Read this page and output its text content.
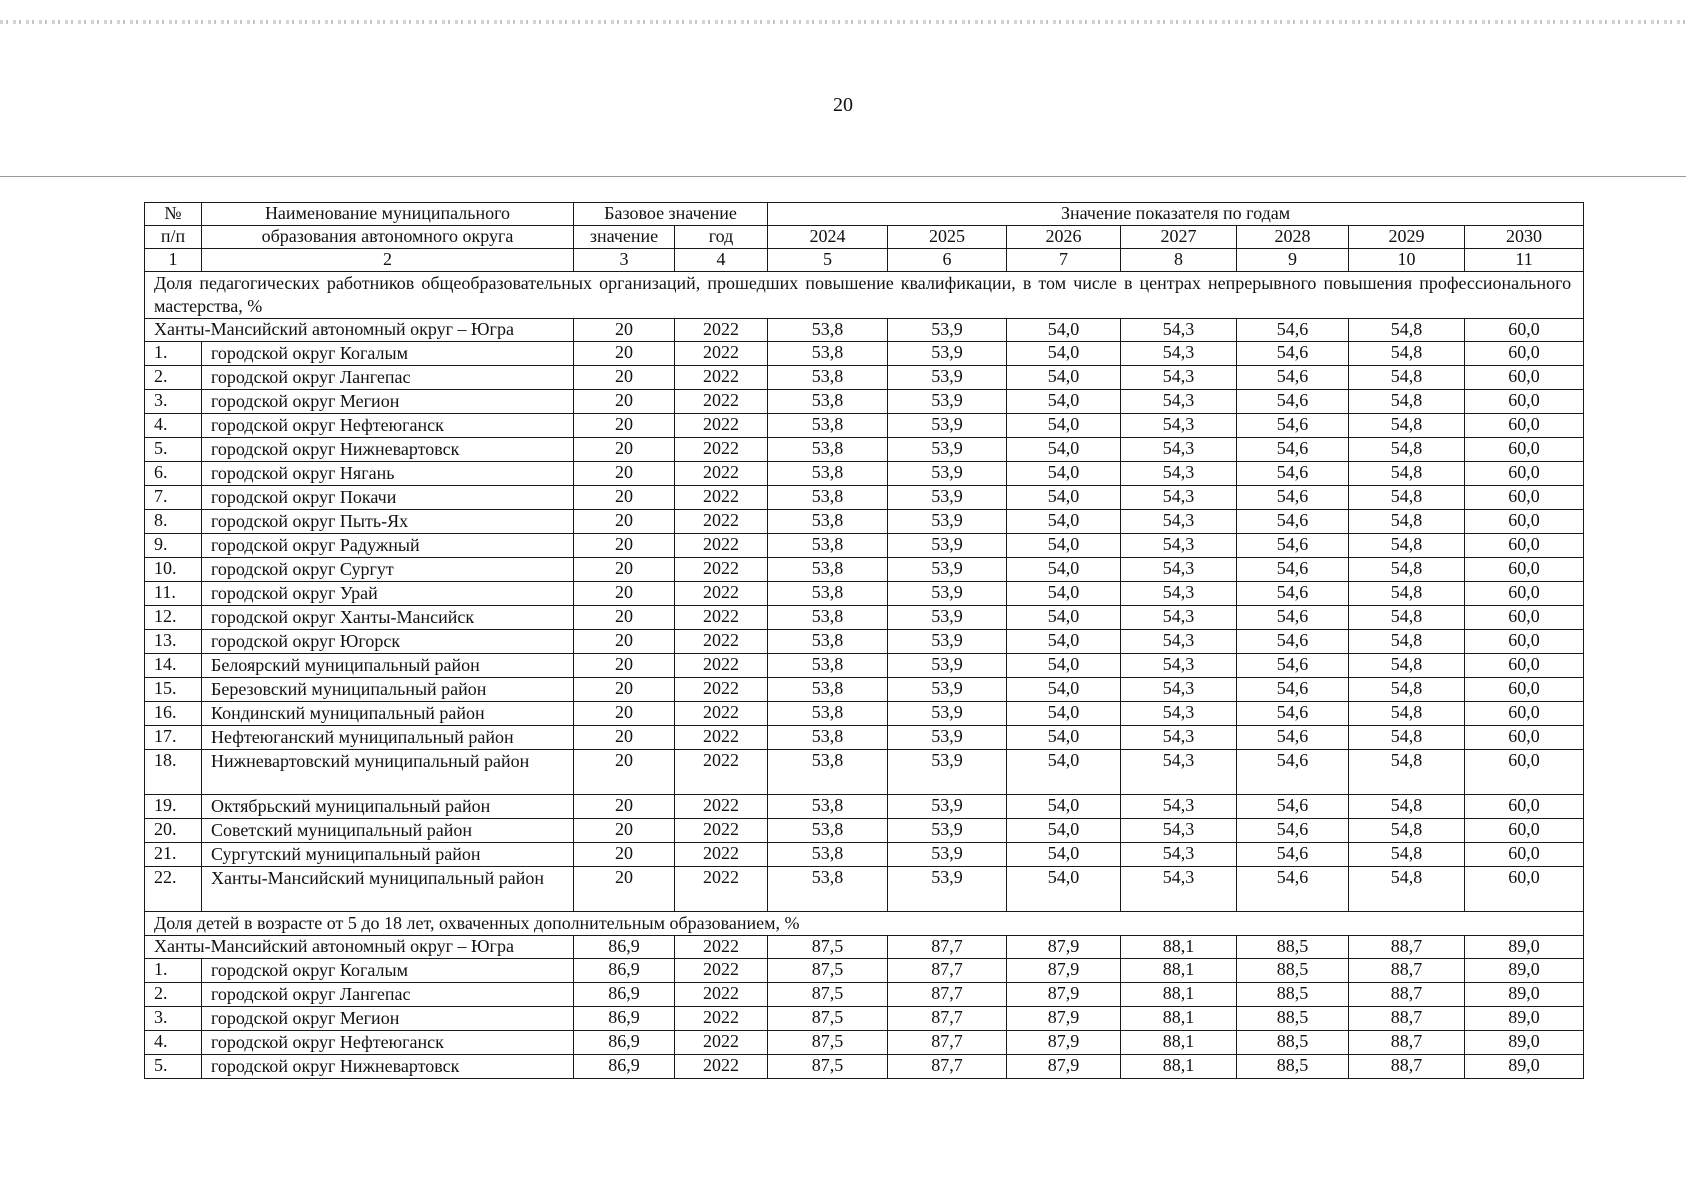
20
№	Наименование муниципального	Базовое значение		Значение показателя по годам						
п/п	образования автономного округа	значение	год	2024	2025	2026	2027	2028	2029	2030
1	2	3	4	5	6	7	8	9	10	11
Доля педагогических работников общеобразовательных организаций, прошедших повышение квалификации, в том числе в центрах непрерывного повышения профессионального мастерства, %										
Ханты-Мансийский автономный округ – Югра		20	2022	53,8	53,9	54,0	54,3	54,6	54,8	60,0
1.	городской округ Когалым	20	2022	53,8	53,9	54,0	54,3	54,6	54,8	60,0
2.	городской округ Лангепас	20	2022	53,8	53,9	54,0	54,3	54,6	54,8	60,0
3.	городской округ Мегион	20	2022	53,8	53,9	54,0	54,3	54,6	54,8	60,0
4.	городской округ Нефтеюганск	20	2022	53,8	53,9	54,0	54,3	54,6	54,8	60,0
5.	городской округ Нижневартовск	20	2022	53,8	53,9	54,0	54,3	54,6	54,8	60,0
6.	городской округ Нягань	20	2022	53,8	53,9	54,0	54,3	54,6	54,8	60,0
7.	городской округ Покачи	20	2022	53,8	53,9	54,0	54,3	54,6	54,8	60,0
8.	городской округ Пыть-Ях	20	2022	53,8	53,9	54,0	54,3	54,6	54,8	60,0
9.	городской округ Радужный	20	2022	53,8	53,9	54,0	54,3	54,6	54,8	60,0
10.	городской округ Сургут	20	2022	53,8	53,9	54,0	54,3	54,6	54,8	60,0
11.	городской округ Урай	20	2022	53,8	53,9	54,0	54,3	54,6	54,8	60,0
12.	городской округ Ханты-Мансийск	20	2022	53,8	53,9	54,0	54,3	54,6	54,8	60,0
13.	городской округ Югорск	20	2022	53,8	53,9	54,0	54,3	54,6	54,8	60,0
14.	Белоярский муниципальный район	20	2022	53,8	53,9	54,0	54,3	54,6	54,8	60,0
15.	Березовский муниципальный район	20	2022	53,8	53,9	54,0	54,3	54,6	54,8	60,0
16.	Кондинский муниципальный район	20	2022	53,8	53,9	54,0	54,3	54,6	54,8	60,0
17.	Нефтеюганский муниципальный район	20	2022	53,8	53,9	54,0	54,3	54,6	54,8	60,0
18.	Нижневартовский муниципальный район	20	2022	53,8	53,9	54,0	54,3	54,6	54,8	60,0
19.	Октябрьский муниципальный район	20	2022	53,8	53,9	54,0	54,3	54,6	54,8	60,0
20.	Советский муниципальный район	20	2022	53,8	53,9	54,0	54,3	54,6	54,8	60,0
21.	Сургутский муниципальный район	20	2022	53,8	53,9	54,0	54,3	54,6	54,8	60,0
22.	Ханты-Мансийский муниципальный район	20	2022	53,8	53,9	54,0	54,3	54,6	54,8	60,0
Доля детей в возрасте от 5 до 18 лет, охваченных дополнительным образованием, %										
Ханты-Мансийский автономный округ – Югра		86,9	2022	87,5	87,7	87,9	88,1	88,5	88,7	89,0
1.	городской округ Когалым	86,9	2022	87,5	87,7	87,9	88,1	88,5	88,7	89,0
2.	городской округ Лангепас	86,9	2022	87,5	87,7	87,9	88,1	88,5	88,7	89,0
3.	городской округ Мегион	86,9	2022	87,5	87,7	87,9	88,1	88,5	88,7	89,0
4.	городской округ Нефтеюганск	86,9	2022	87,5	87,7	87,9	88,1	88,5	88,7	89,0
5.	городской округ Нижневартовск	86,9	2022	87,5	87,7	87,9	88,1	88,5	88,7	89,0
